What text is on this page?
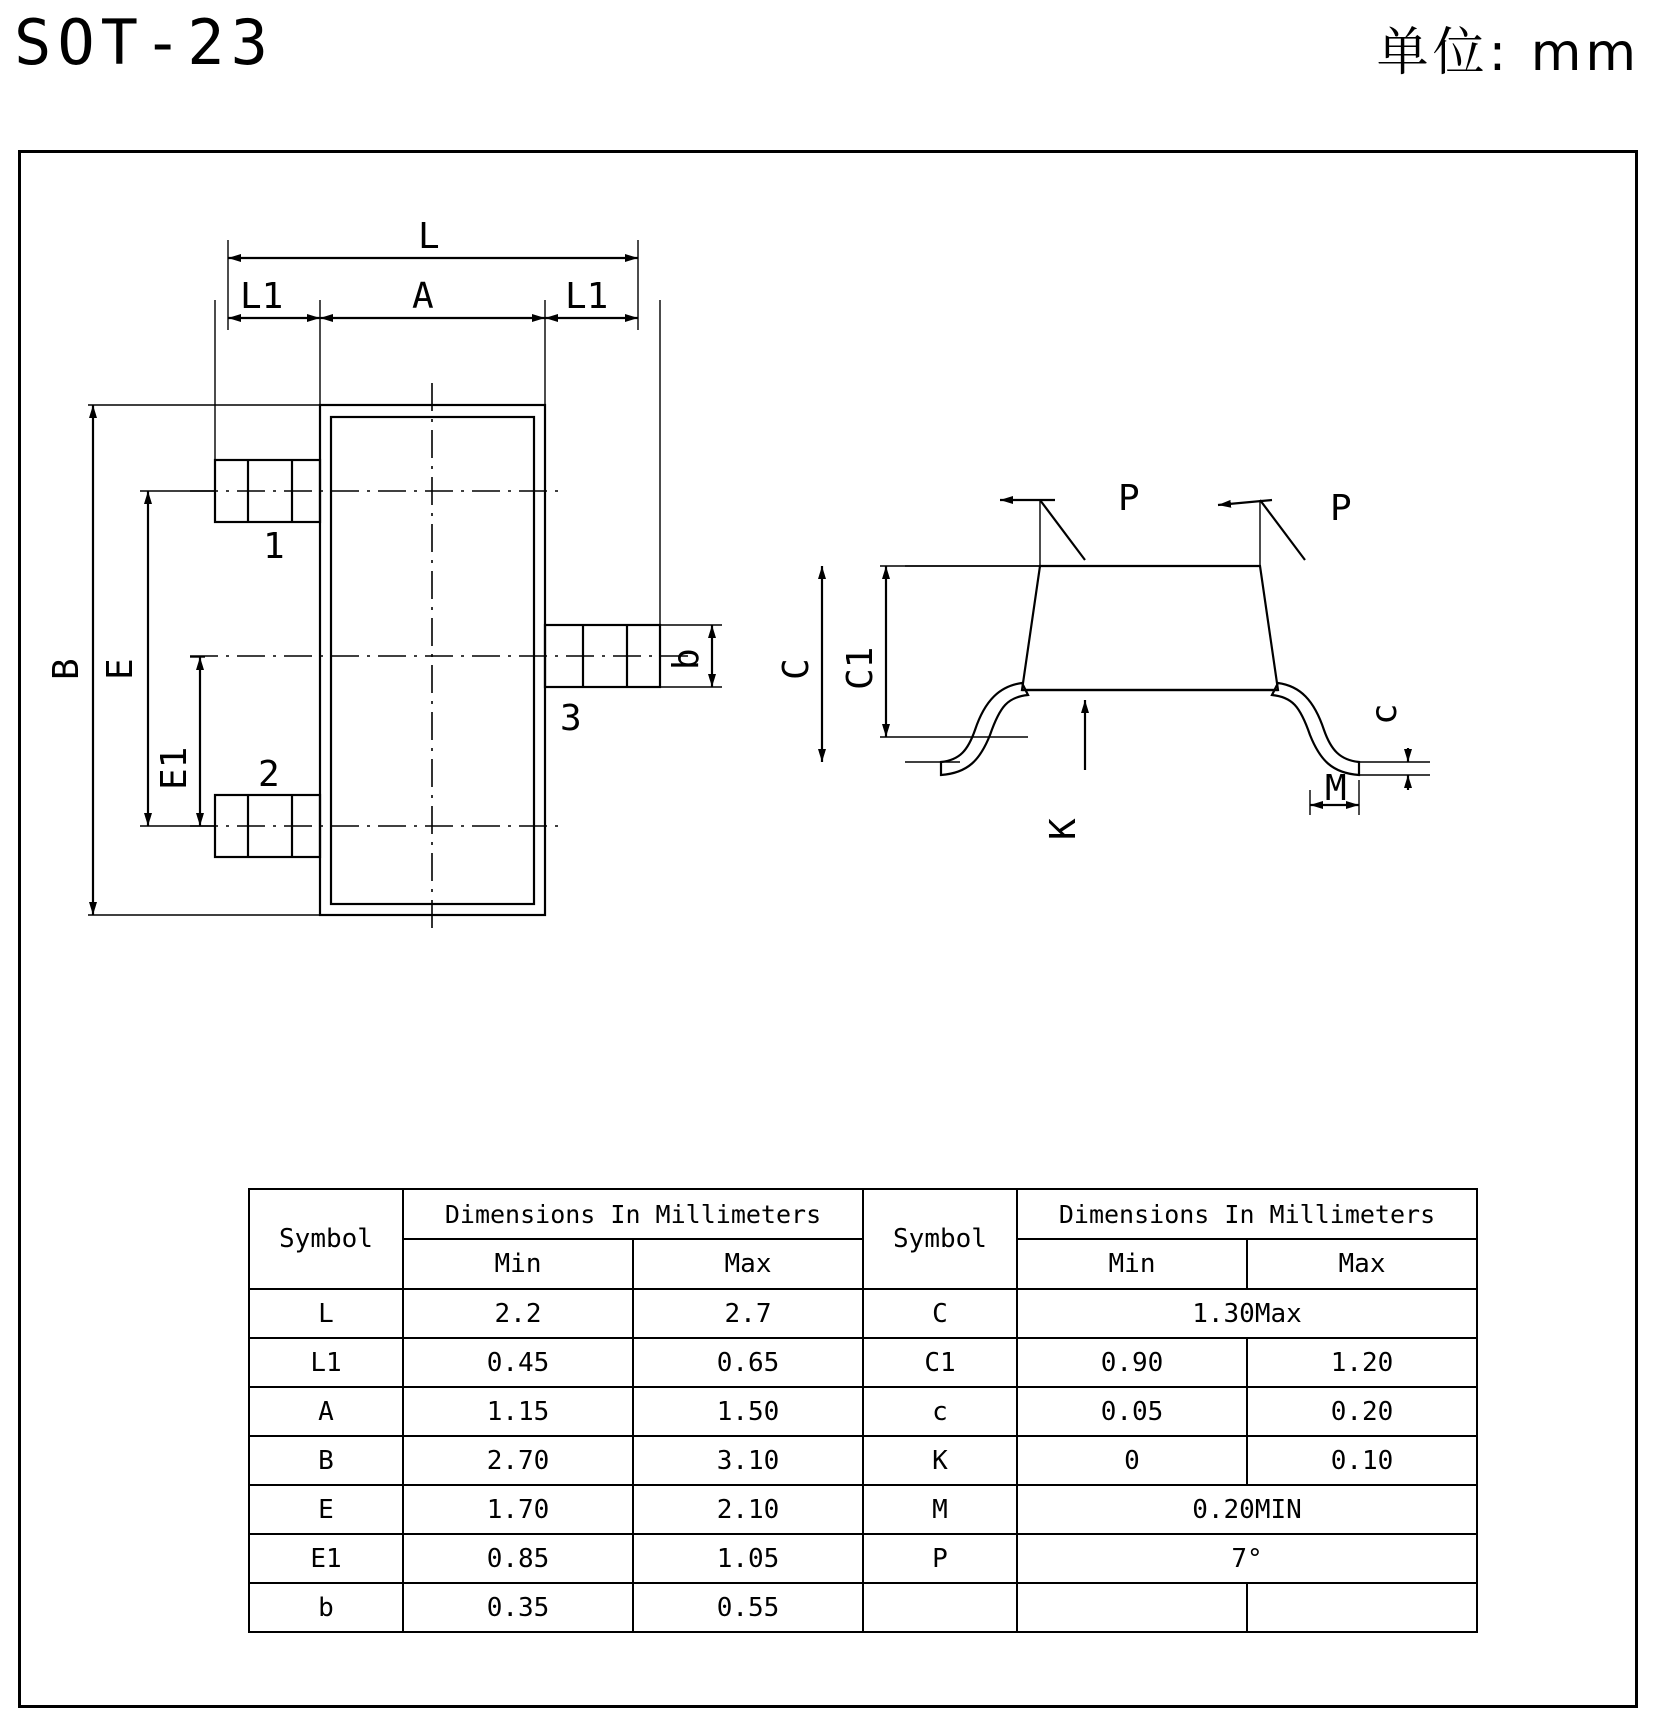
SOT-23	单位: mm
L
L1	A	L1
1
2
3
P	P
M
B E
E1
b C C1
c
K
Symbol	Dimensions In Millimeters		Symbol	Dimensions In Millimeters	
	Min	Max		Min	Max
L	2.2	2.7	C	1.30Max	
L1	0.45	0.65	C1	0.90	1.20
A	1.15	1.50	c	0.05	0.20
B	2.70	3.10	K	0	0.10
E	1.70	2.10	M	0.20MIN	
E1	0.85	1.05	P	7°	
b	0.35	0.55			
